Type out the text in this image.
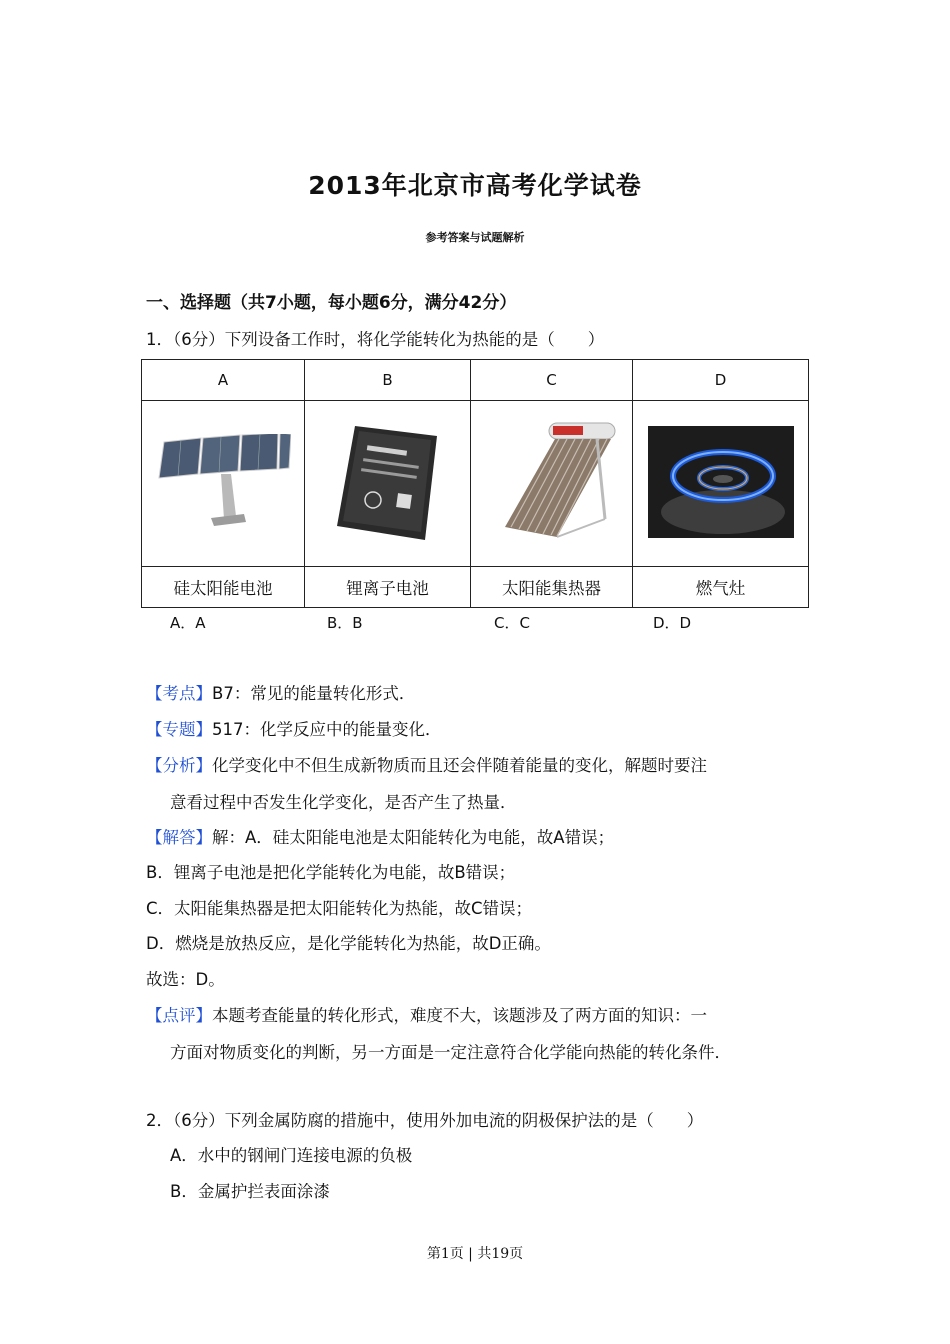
2013年北京市高考化学试卷
参考答案与试题解析
一、选择题（共7小题，每小题6分，满分42分）
1．（6分）下列设备工作时，将化学能转化为热能的是（　　）
A	B	C	D

硅太阳能电池	锂离子电池	太阳能集热器	燃气灶
A．A	B．B	C．C	D．D
【考点】B7：常见的能量转化形式．
【专题】517：化学反应中的能量变化．
【分析】化学变化中不但生成新物质而且还会伴随着能量的变化，解题时要注
意看过程中否发生化学变化，是否产生了热量．
【解答】解：A．硅太阳能电池是太阳能转化为电能，故A错误；
B．锂离子电池是把化学能转化为电能，故B错误；
C．太阳能集热器是把太阳能转化为热能，故C错误；
D．燃烧是放热反应，是化学能转化为热能，故D正确。
故选：D。
【点评】本题考查能量的转化形式，难度不大，该题涉及了两方面的知识：一
方面对物质变化的判断，另一方面是一定注意符合化学能向热能的转化条件．
2．（6分）下列金属防腐的措施中，使用外加电流的阴极保护法的是（　　）
A．水中的钢闸门连接电源的负极
B．金属护拦表面涂漆
第1页 | 共19页
